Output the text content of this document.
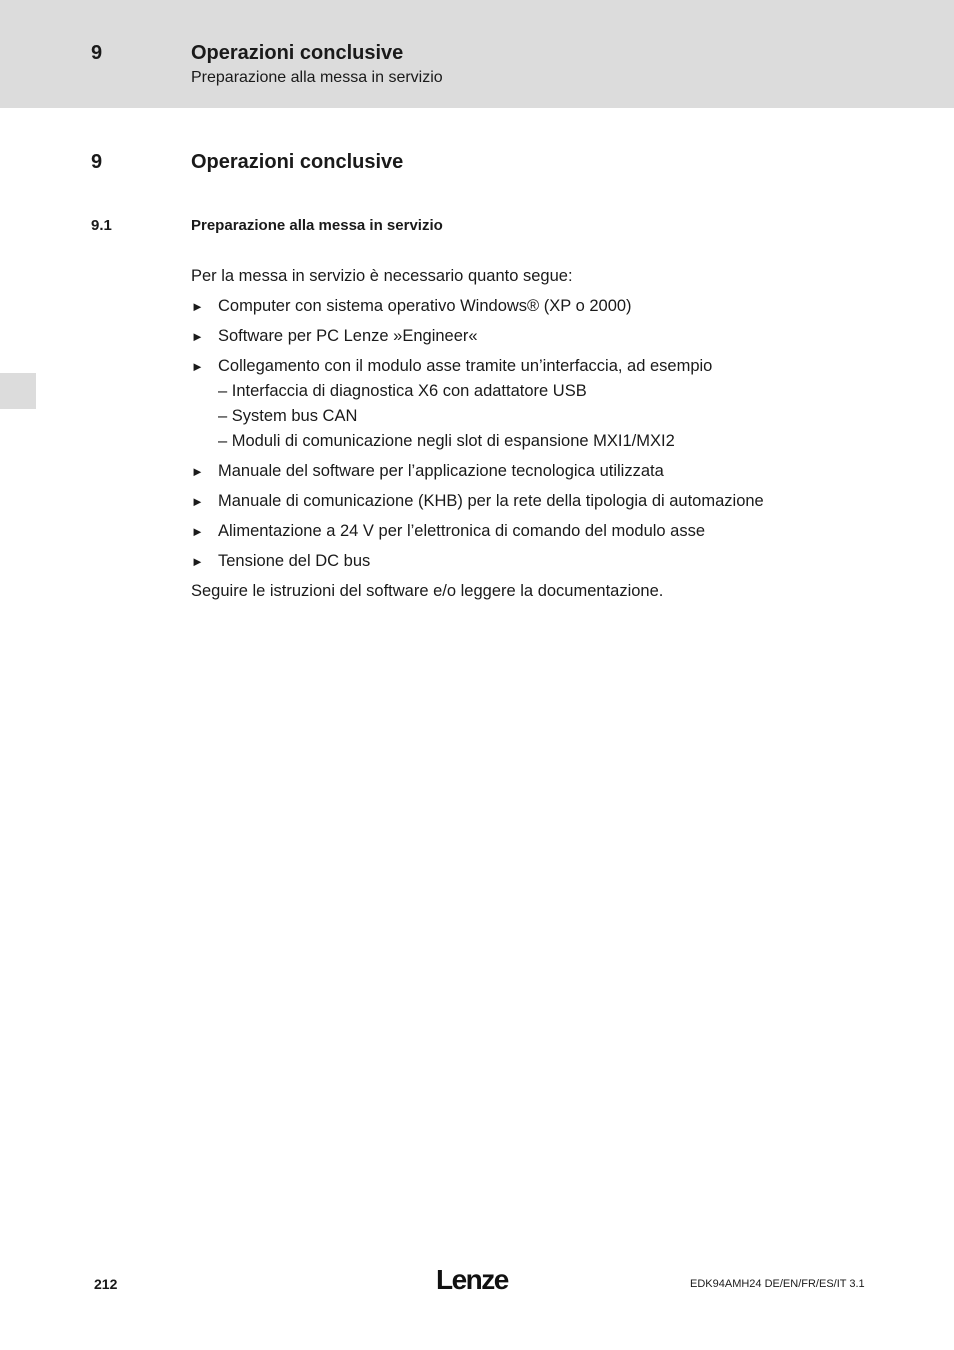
9	Operazioni conclusive
Preparazione alla messa in servizio
9	Operazioni conclusive
9.1	Preparazione alla messa in servizio
Per la messa in servizio è necessario quanto segue:
► Computer con sistema operativo Windows® (XP o 2000)
► Software per PC Lenze »Engineer«
► Collegamento con il modulo asse tramite un’interfaccia, ad esempio
– Interfaccia di diagnostica X6 con adattatore USB
– System bus CAN
– Moduli di comunicazione negli slot di espansione MXI1/MXI2
► Manuale del software per l’applicazione tecnologica utilizzata
► Manuale di comunicazione (KHB) per la rete della tipologia di automazione
► Alimentazione a 24 V per l’elettronica di comando del modulo asse
► Tensione del DC bus
Seguire le istruzioni del software e/o leggere la documentazione.
212	Lenze	EDK94AMH24 DE/EN/FR/ES/IT 3.1
